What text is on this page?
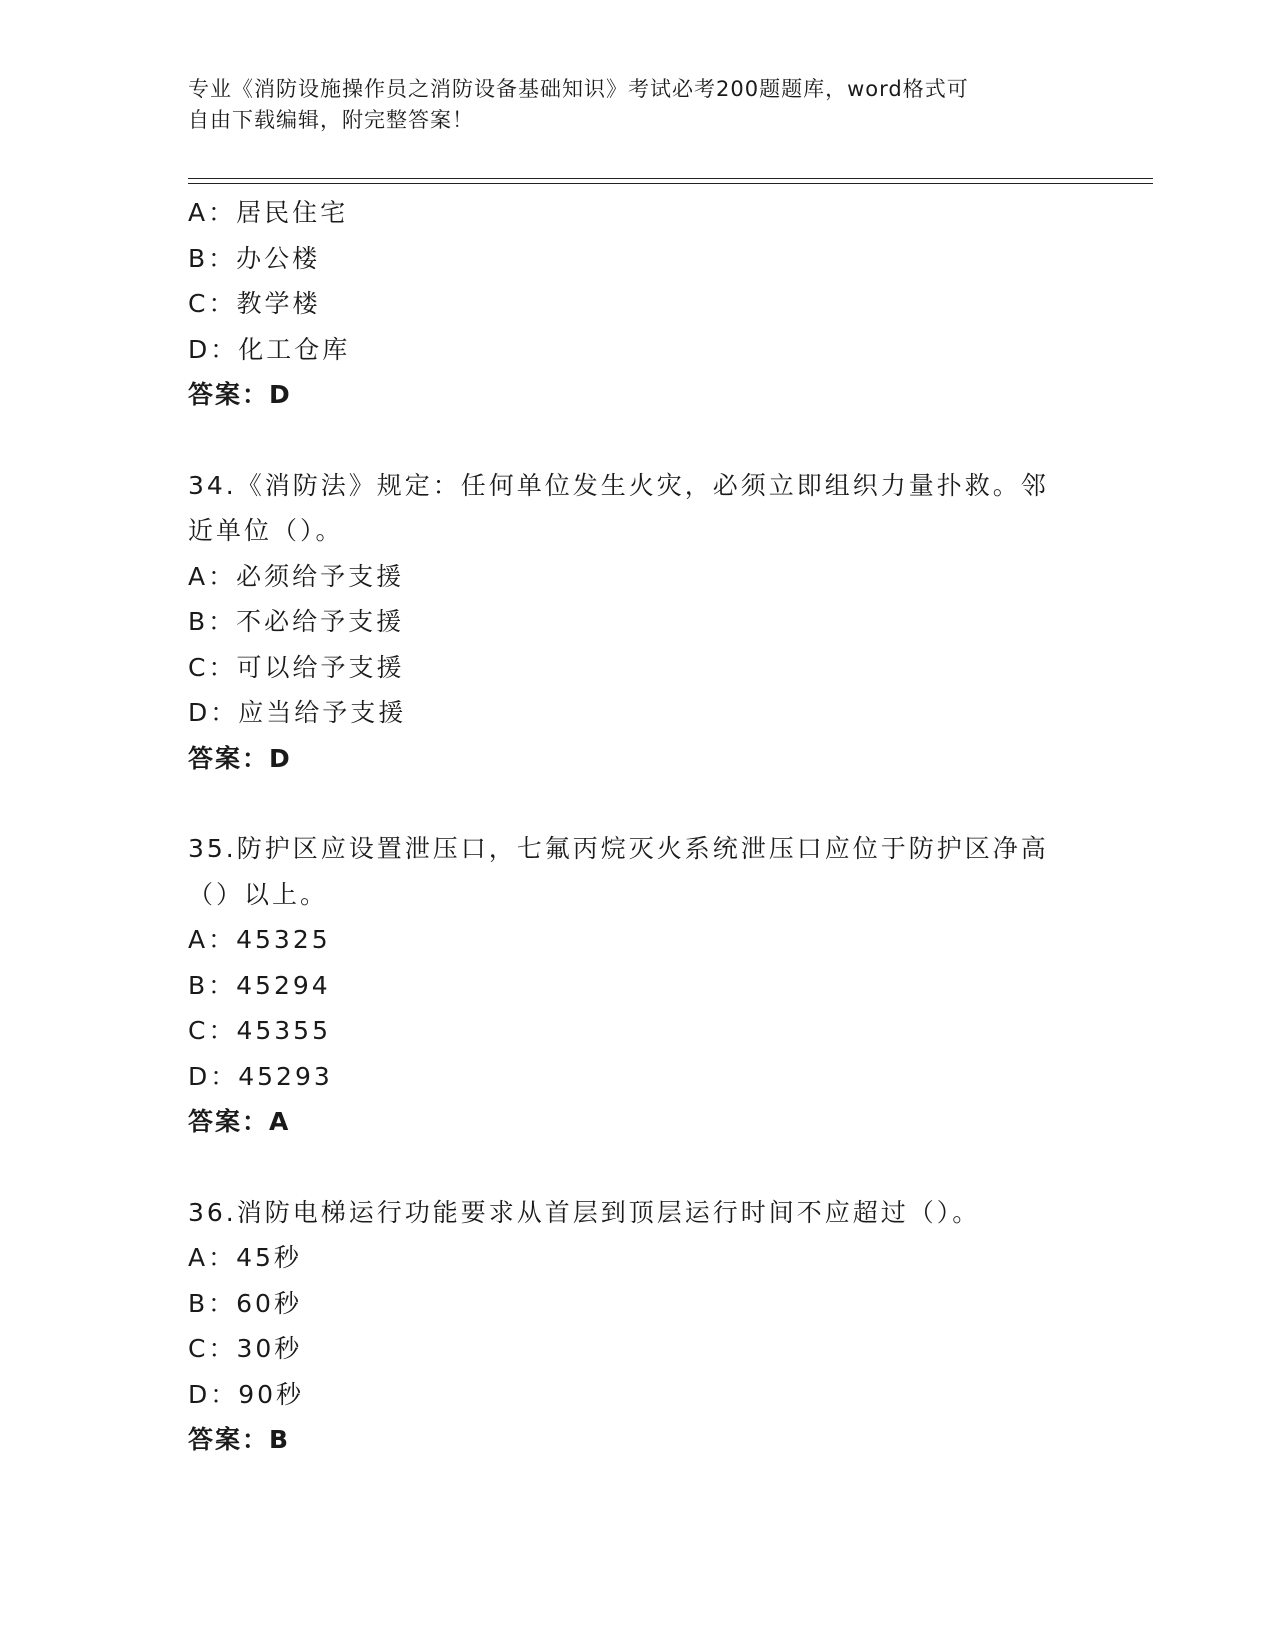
专业《消防设施操作员之消防设备基础知识》考试必考200题题库，word格式可
自由下载编辑，附完整答案！
A：居民住宅
B：办公楼
C：教学楼
D：化工仓库
答案：D
34.《消防法》规定：任何单位发生火灾，必须立即组织力量扑救。邻
近单位（）。
A：必须给予支援
B：不必给予支援
C：可以给予支援
D：应当给予支援
答案：D
35.防护区应设置泄压口，七氟丙烷灭火系统泄压口应位于防护区净高
（）以上。
A：45325
B：45294
C：45355
D：45293
答案：A
36.消防电梯运行功能要求从首层到顶层运行时间不应超过（）。
A：45秒
B：60秒
C：30秒
D：90秒
答案：B
